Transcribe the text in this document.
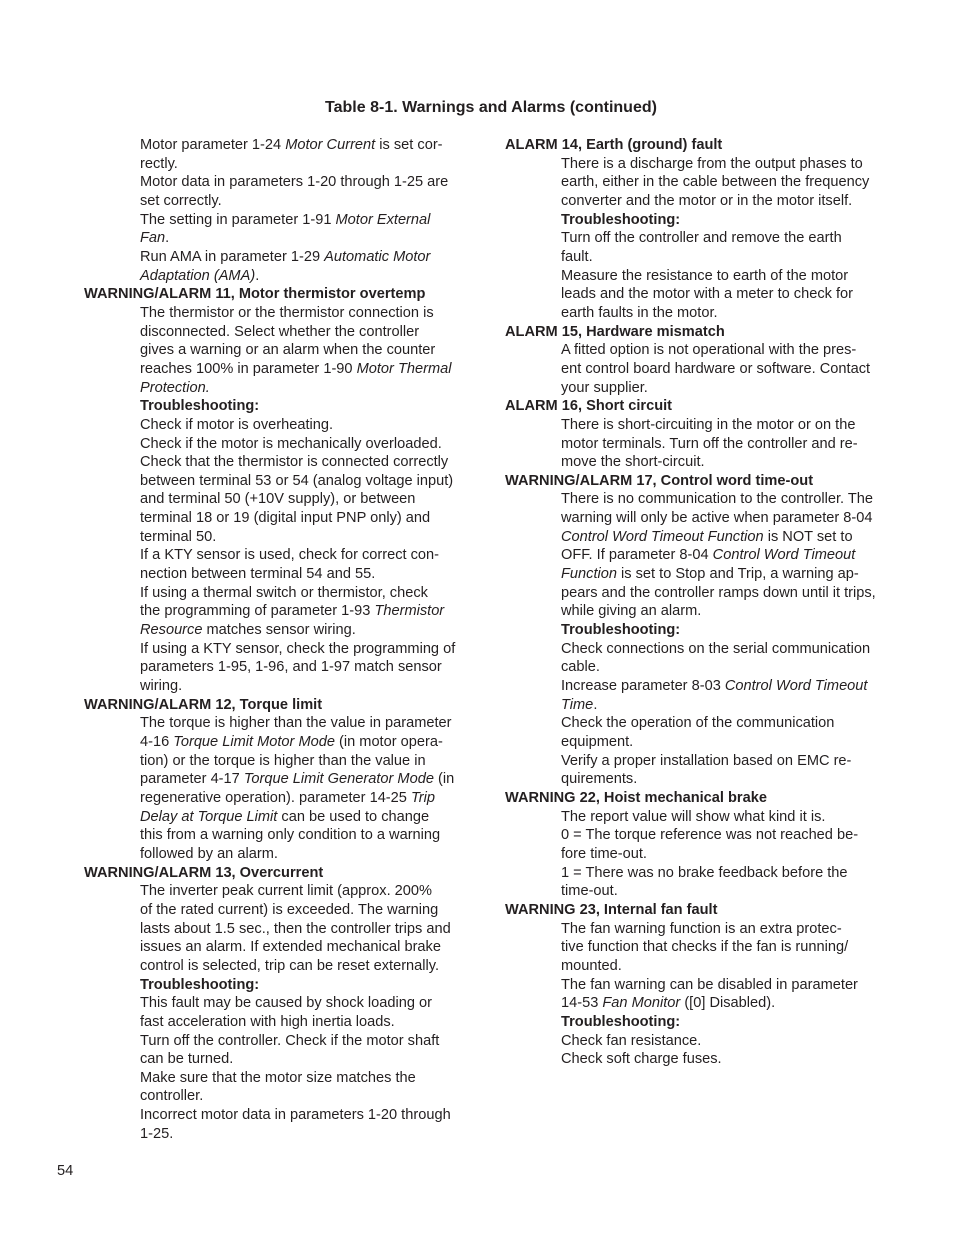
Table 8-1. Warnings and Alarms (continued)
Motor parameter 1-24 Motor Current is set cor-
rectly.
Motor data in parameters 1-20 through 1-25 are
set correctly.
The setting in parameter 1-91 Motor External
Fan.
Run AMA in parameter 1-29 Automatic Motor
Adaptation (AMA).
WARNING/ALARM 11, Motor thermistor overtemp
The thermistor or the thermistor connection is
disconnected. Select whether the controller
gives a warning or an alarm when the counter
reaches 100% in parameter 1-90 Motor Thermal
Protection.
Troubleshooting:
Check if motor is overheating.
Check if the motor is mechanically overloaded.
Check that the thermistor is connected correctly
between terminal 53 or 54 (analog voltage input)
and terminal 50 (+10V supply), or between
terminal 18 or 19 (digital input PNP only) and
terminal 50.
If a KTY sensor is used, check for correct con-
nection between terminal 54 and 55.
If using a thermal switch or thermistor, check
the programming of parameter 1-93 Thermistor
Resource matches sensor wiring.
If using a KTY sensor, check the programming of
parameters 1-95, 1-96, and 1-97 match sensor
wiring.
WARNING/ALARM 12, Torque limit
The torque is higher than the value in parameter
4-16 Torque Limit Motor Mode (in motor opera-
tion) or the torque is higher than the value in
parameter 4-17 Torque Limit Generator Mode (in
regenerative operation). parameter 14-25 Trip
Delay at Torque Limit can be used to change
this from a warning only condition to a warning
followed by an alarm.
WARNING/ALARM 13, Overcurrent
The inverter peak current limit (approx. 200%
of the rated current) is exceeded. The warning
lasts about 1.5 sec., then the controller trips and
issues an alarm. If extended mechanical brake
control is selected, trip can be reset externally.
Troubleshooting:
This fault may be caused by shock loading or
fast acceleration with high inertia loads.
Turn off the controller. Check if the motor shaft
can be turned.
Make sure that the motor size matches the
controller.
Incorrect motor data in parameters 1-20 through
1-25.
ALARM 14, Earth (ground) fault
There is a discharge from the output phases to
earth, either in the cable between the frequency
converter and the motor or in the motor itself.
Troubleshooting:
Turn off the controller and remove the earth
fault.
Measure the resistance to earth of the motor
leads and the motor with a meter to check for
earth faults in the motor.
ALARM 15, Hardware mismatch
A fitted option is not operational with the pres-
ent control board hardware or software. Contact
your supplier.
ALARM 16, Short circuit
There is short-circuiting in the motor or on the
motor terminals. Turn off the controller and re-
move the short-circuit.
WARNING/ALARM 17, Control word time-out
There is no communication to the controller. The
warning will only be active when parameter 8-04
Control Word Timeout Function is NOT set to
OFF. If parameter 8-04 Control Word Timeout
Function is set to Stop and Trip, a warning ap-
pears and the controller ramps down until it trips,
while giving an alarm.
Troubleshooting:
Check connections on the serial communication
cable.
Increase parameter 8-03 Control Word Timeout
Time.
Check the operation of the communication
equipment.
Verify a proper installation based on EMC re-
quirements.
WARNING 22, Hoist mechanical brake
The report value will show what kind it is.
0 = The torque reference was not reached be-
fore time-out.
1 = There was no brake feedback before the
time-out.
WARNING 23, Internal fan fault
The fan warning function is an extra protec-
tive function that checks if the fan is running/
mounted.
The fan warning can be disabled in parameter
14-53 Fan Monitor ([0] Disabled).
Troubleshooting:
Check fan resistance.
Check soft charge fuses.
54
